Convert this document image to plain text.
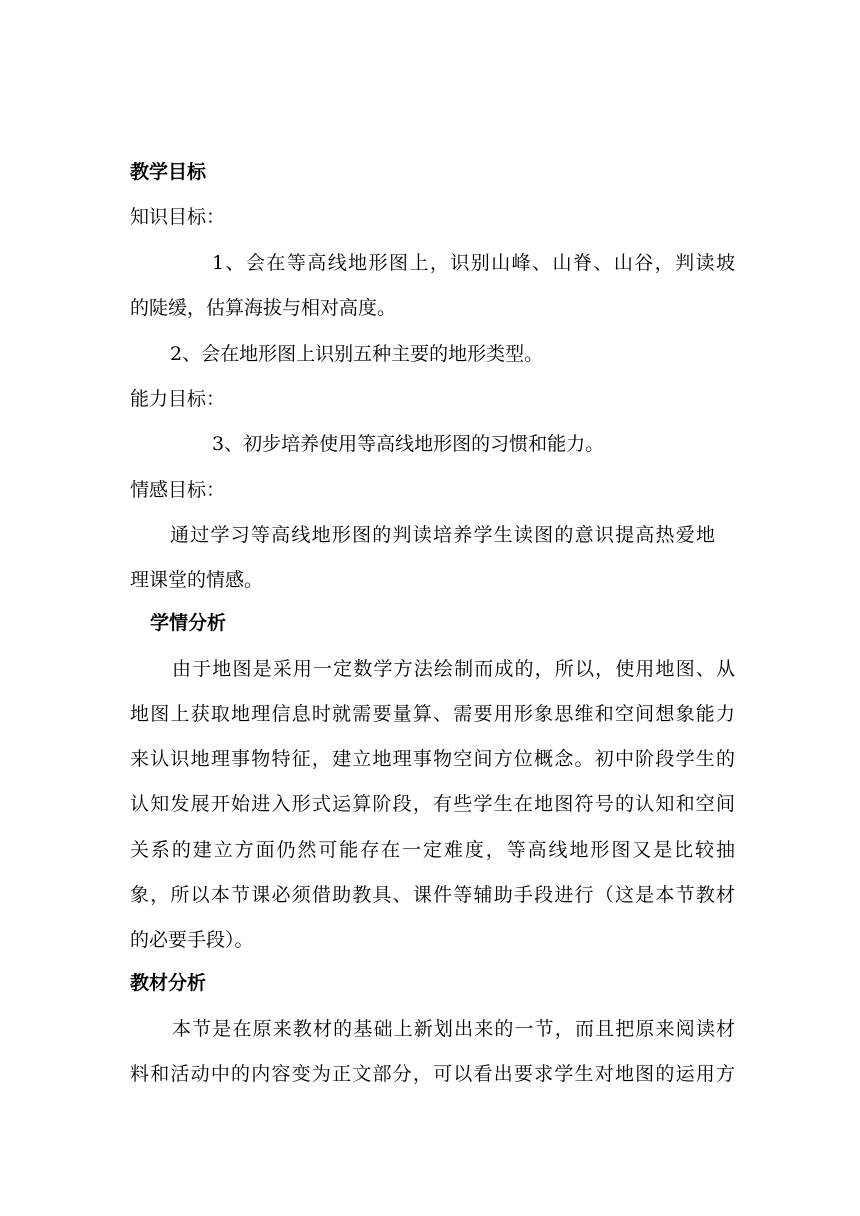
教学目标
知识目标：
1、会在等高线地形图上，识别山峰、山脊、山谷，判读坡
的陡缓，估算海拔与相对高度。
2、会在地形图上识别五种主要的地形类型。
能力目标：
3、初步培养使用等高线地形图的习惯和能力。
情感目标：
通过学习等高线地形图的判读培养学生读图的意识提高热爱地
理课堂的情感。
学情分析
由于地图是采用一定数学方法绘制而成的，所以，使用地图、从
地图上获取地理信息时就需要量算、需要用形象思维和空间想象能力
来认识地理事物特征，建立地理事物空间方位概念。初中阶段学生的
认知发展开始进入形式运算阶段，有些学生在地图符号的认知和空间
关系的建立方面仍然可能存在一定难度，等高线地形图又是比较抽
象，所以本节课必须借助教具、课件等辅助手段进行（这是本节教材
的必要手段）。
教材分析
本节是在原来教材的基础上新划出来的一节，而且把原来阅读材
料和活动中的内容变为正文部分，可以看出要求学生对地图的运用方
